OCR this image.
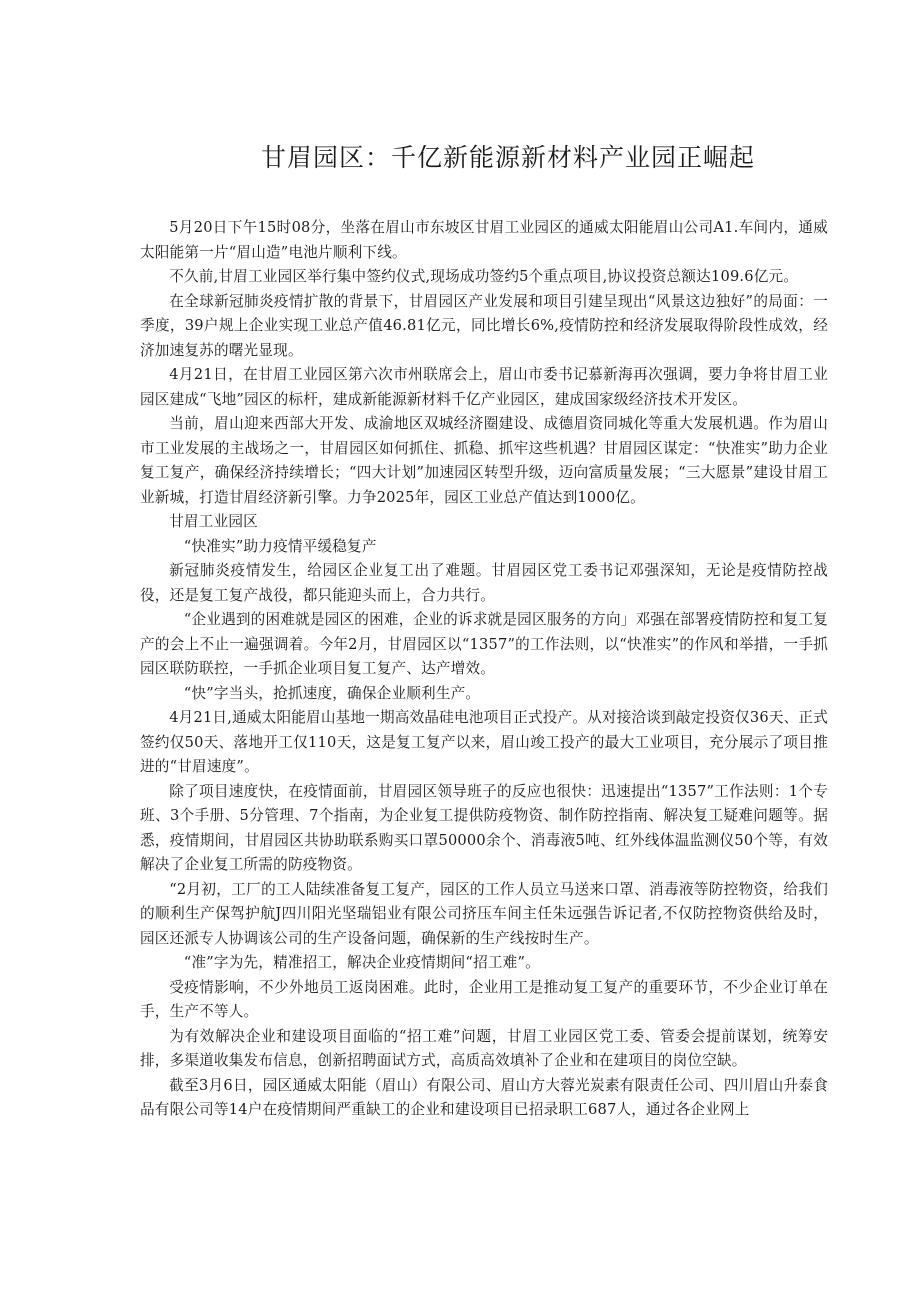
甘眉园区：千亿新能源新材料产业园正崛起

5月20日下午15时08分，坐落在眉山市东坡区甘眉工业园区的通威太阳能眉山公司A1.车间内，通威太阳能第一片“眉山造”电池片顺利下线。

不久前,甘眉工业园区举行集中签约仪式,现场成功签约5个重点项目,协议投资总额达109.6亿元。

在全球新冠肺炎疫情扩散的背景下，甘眉园区产业发展和项目引建呈现出“风景这边独好”的局面：一季度，39户规上企业实现工业总产值46.81亿元，同比增长6%,疫情防控和经济发展取得阶段性成效，经济加速复苏的曙光显现。

4月21日，在甘眉工业园区第六次市州联席会上，眉山市委书记慕新海再次强调，要力争将甘眉工业园区建成“飞地”园区的标杆，建成新能源新材料千亿产业园区，建成国家级经济技术开发区。

当前，眉山迎来西部大开发、成渝地区双城经济圈建设、成德眉资同城化等重大发展机遇。作为眉山市工业发展的主战场之一，甘眉园区如何抓住、抓稳、抓牢这些机遇？甘眉园区谋定：“快准实”助力企业复工复产，确保经济持续增长；“四大计划”加速园区转型升级，迈向富质量发展；“三大愿景”建设甘眉工业新城，打造甘眉经济新引擎。力争2025年，园区工业总产值达到1000亿。

甘眉工业园区

“快准实”助力疫情平缓稳复产

新冠肺炎疫情发生，给园区企业复工出了难题。甘眉园区党工委书记邓强深知，无论是疫情防控战役，还是复工复产战役，都只能迎头而上，合力共行。

“企业遇到的困难就是园区的困难，企业的诉求就是园区服务的方向」邓强在部署疫情防控和复工复产的会上不止一遍强调着。今年2月，甘眉园区以“1357”的工作法则，以“快准实”的作风和举措，一手抓园区联防联控，一手抓企业项目复工复产、达产增效。

“快”字当头，抢抓速度，确保企业顺利生产。

4月21日,通威太阳能眉山基地一期高效晶硅电池项目正式投产。从对接洽谈到敲定投资仅36天、正式签约仅50天、落地开工仅110天，这是复工复产以来，眉山竣工投产的最大工业项目，充分展示了项目推进的“甘眉速度”。

除了项目速度快，在疫情面前，甘眉园区领导班子的反应也很快：迅速提出“1357”工作法则：1个专班、3个手册、5分管理、7个指南，为企业复工提供防疫物资、制作防控指南、解决复工疑难问题等。据悉，疫情期间，甘眉园区共协助联系购买口罩50000余个、消毒液5吨、红外线体温监测仪50个等，有效解决了企业复工所需的防疫物资。

“2月初，工厂的工人陆续准备复工复产，园区的工作人员立马送来口罩、消毒液等防控物资，给我们的顺利生产保驾护航J四川阳光坚瑞铝业有限公司挤压车间主任朱远强告诉记者,不仅防控物资供给及时，园区还派专人协调该公司的生产设备问题，确保新的生产线按时生产。

“准”字为先，精准招工，解决企业疫情期间“招工难”。

受疫情影响，不少外地员工返岗困难。此时，企业用工是推动复工复产的重要环节，不少企业订单在手，生产不等人。

为有效解决企业和建设项目面临的“招工难”问题，甘眉工业园区党工委、管委会提前谋划，统筹安排，多渠道收集发布信息，创新招聘面试方式，高质高效填补了企业和在建项目的岗位空缺。

截至3月6日，园区通威太阳能（眉山）有限公司、眉山方大蓉光炭素有限责任公司、四川眉山升泰食品有限公司等14户在疫情期间严重缺工的企业和建设项目已招录职工687人，通过各企业网上
